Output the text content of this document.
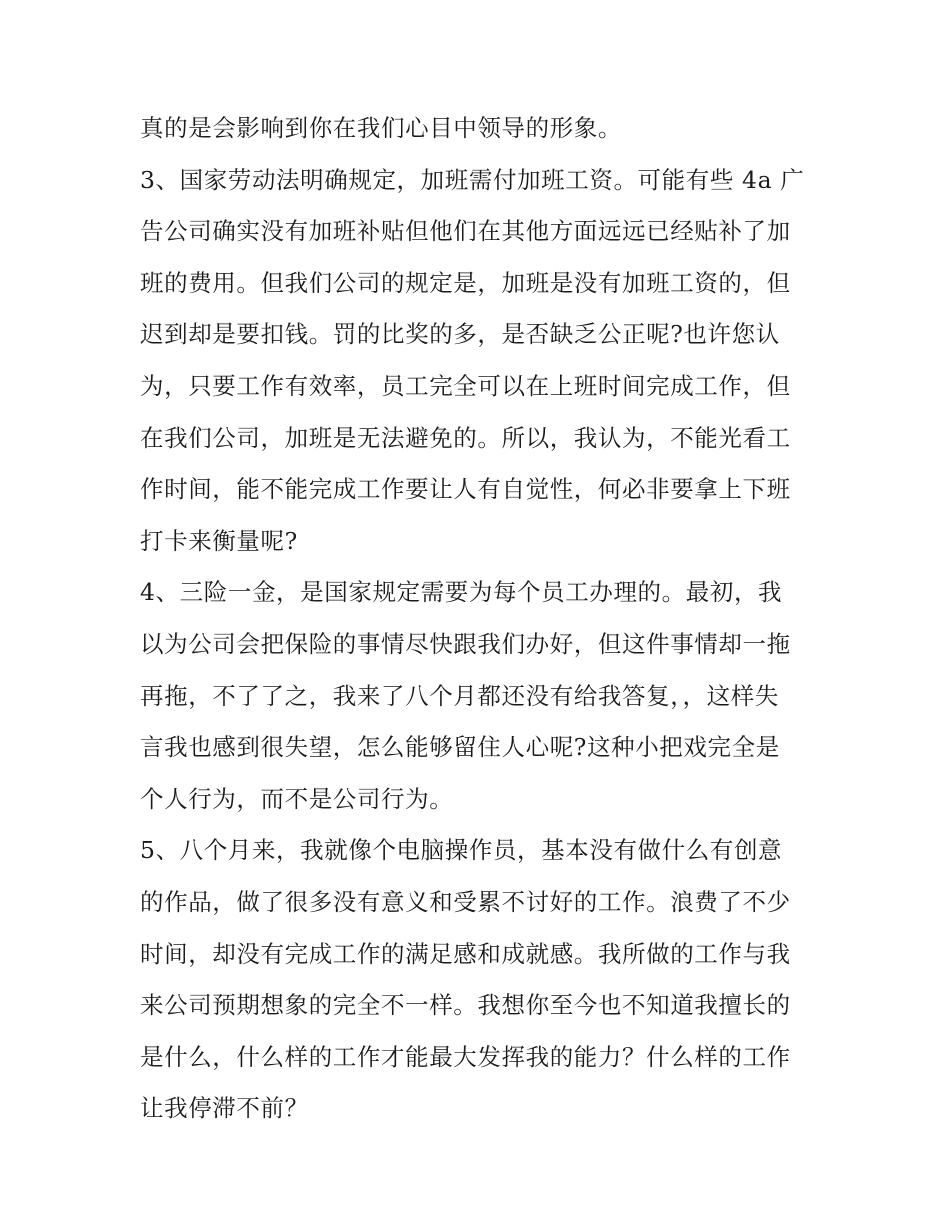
真的是会影响到你在我们心目中领导的形象。
3、国家劳动法明确规定，加班需付加班工资。可能有些 4a 广
告公司确实没有加班补贴但他们在其他方面远远已经贴补了加
班的费用。但我们公司的规定是，加班是没有加班工资的，但
迟到却是要扣钱。罚的比奖的多，是否缺乏公正呢?也许您认
为，只要工作有效率，员工完全可以在上班时间完成工作，但
在我们公司，加班是无法避免的。所以，我认为，不能光看工
作时间，能不能完成工作要让人有自觉性，何必非要拿上下班
打卡来衡量呢?
4、三险一金，是国家规定需要为每个员工办理的。最初，我
以为公司会把保险的事情尽快跟我们办好，但这件事情却一拖
再拖，不了了之，我来了八个月都还没有给我答复，，这样失
言我也感到很失望，怎么能够留住人心呢?这种小把戏完全是
个人行为，而不是公司行为。
5、八个月来，我就像个电脑操作员，基本没有做什么有创意
的作品，做了很多没有意义和受累不讨好的工作。浪费了不少
时间，却没有完成工作的满足感和成就感。我所做的工作与我
来公司预期想象的完全不一样。我想你至今也不知道我擅长的
是什么，什么样的工作才能最大发挥我的能力？什么样的工作
让我停滞不前？
